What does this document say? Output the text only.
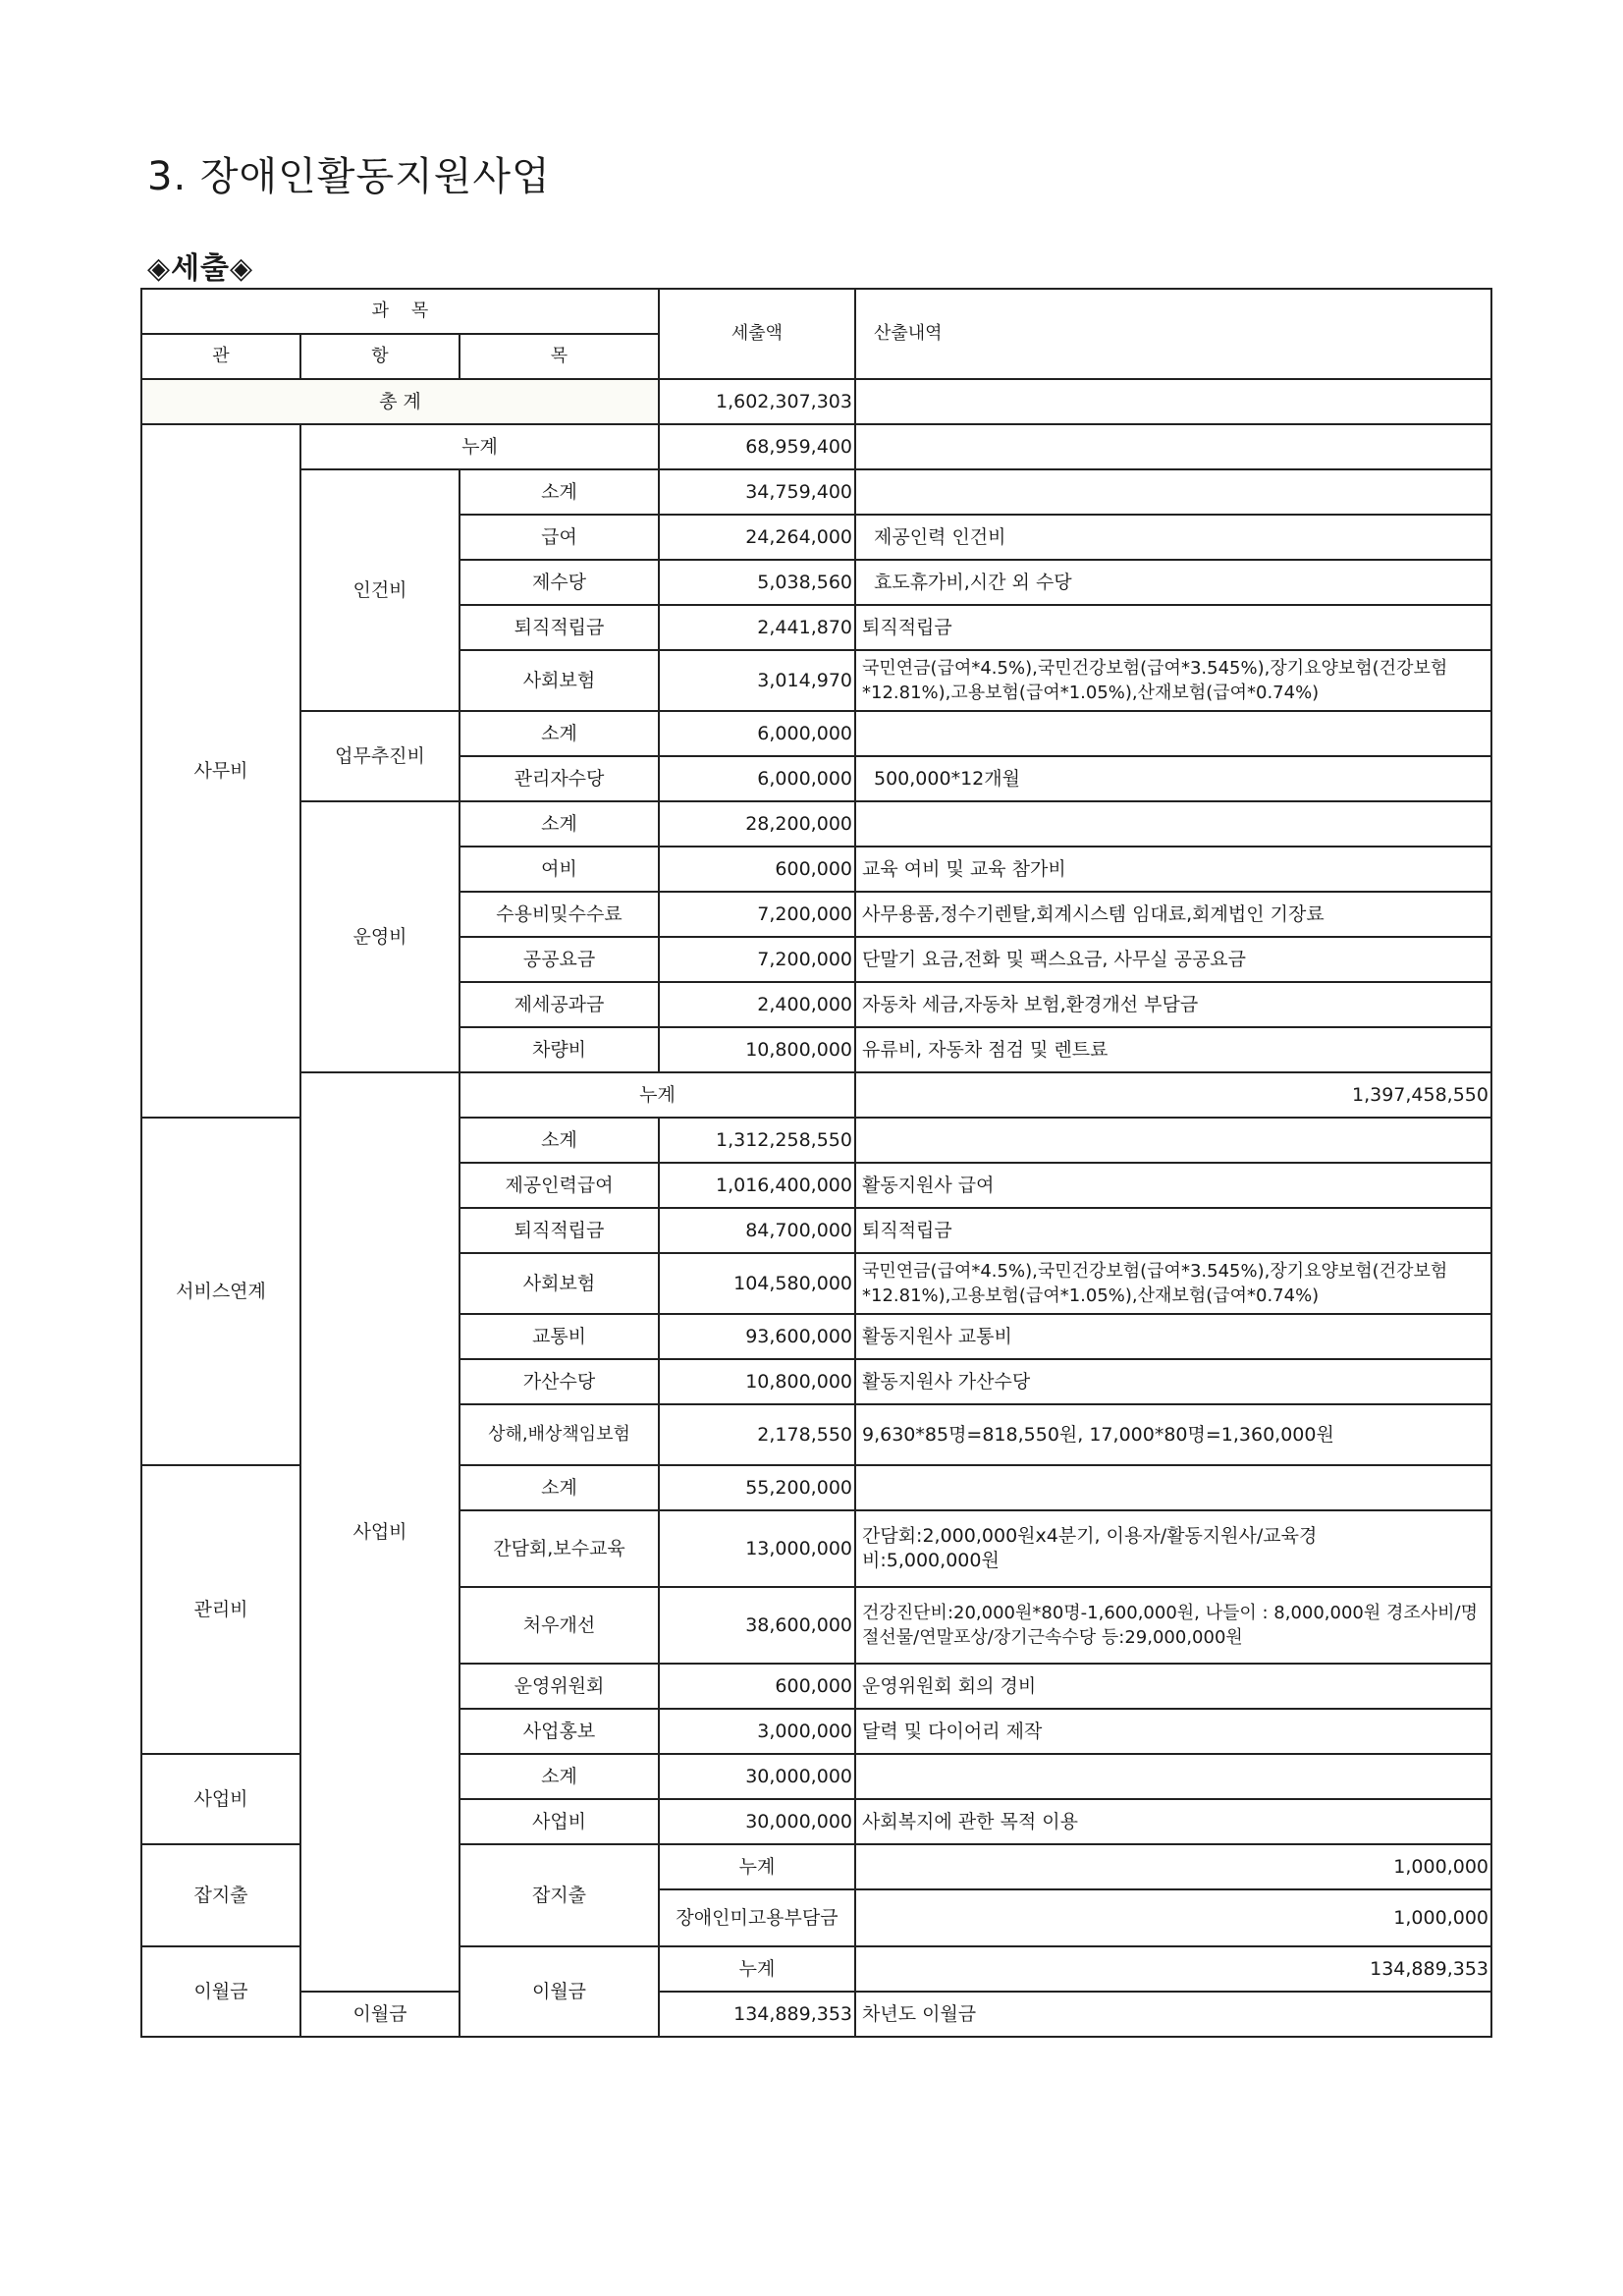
3. 장애인활동지원사업
◈세출◈
과    목			세출액	산출내역	
관	항	목			
총 계			1,602,307,303		
사무비	누계		68,959,400		
	인건비	소계	34,759,400		
		급여	24,264,000	제공인력 인건비	
		제수당	5,038,560	효도휴가비,시간 외 수당	
		퇴직적립금	2,441,870	퇴직적립금	
		사회보험	3,014,970	국민연금(급여*4.5%),국민건강보험(급여*3.545%),장기요양보험(건강보험*12.81%),고용보험(급여*1.05%),산재보험(급여*0.74%)	
	업무추진비	소계	6,000,000		
		관리자수당	6,000,000	500,000*12개월	
	운영비	소계	28,200,000		
		여비	600,000	교육 여비 및 교육 참가비	
		수용비및수수료	7,200,000	사무용품,정수기렌탈,회계시스템 임대료,회계법인 기장료	
		공공요금	7,200,000	단말기 요금,전화 및 팩스요금, 사무실 공공요금	
		제세공과금	2,400,000	자동차 세금,자동차 보험,환경개선 부담금	
		차량비	10,800,000	유류비, 자동차 점검 및 렌트료	
	사업비	누계		1,397,458,550	
서비스연계		소계	1,312,258,550		
		제공인력급여	1,016,400,000	활동지원사 급여	
		퇴직적립금	84,700,000	퇴직적립금	
		사회보험	104,580,000	국민연금(급여*4.5%),국민건강보험(급여*3.545%),장기요양보험(건강보험*12.81%),고용보험(급여*1.05%),산재보험(급여*0.74%)	
		교통비	93,600,000	활동지원사 교통비	
		가산수당	10,800,000	활동지원사 가산수당	
		상해,배상책임보험	2,178,550	9,630*85명=818,550원, 17,000*80명=1,360,000원	
관리비		소계	55,200,000		
		간담회,보수교육	13,000,000	간담회:2,000,000원x4분기, 이용자/활동지원사/교육경비:5,000,000원	
		처우개선	38,600,000	건강진단비:20,000원*80명-1,600,000원, 나들이 : 8,000,000원 경조사비/명절선물/연말포상/장기근속수당 등:29,000,000원	
		운영위원회	600,000	운영위원회 회의 경비	
		사업홍보	3,000,000	달력 및 다이어리 제작	
사업비		소계	30,000,000		
		사업비	30,000,000	사회복지에 관한 목적 이용	
잡지출		잡지출	누계	1,000,000	
			장애인미고용부담금	1,000,000	
이월금		이월금	누계	134,889,353	
	이월금		134,889,353	차년도 이월금	
